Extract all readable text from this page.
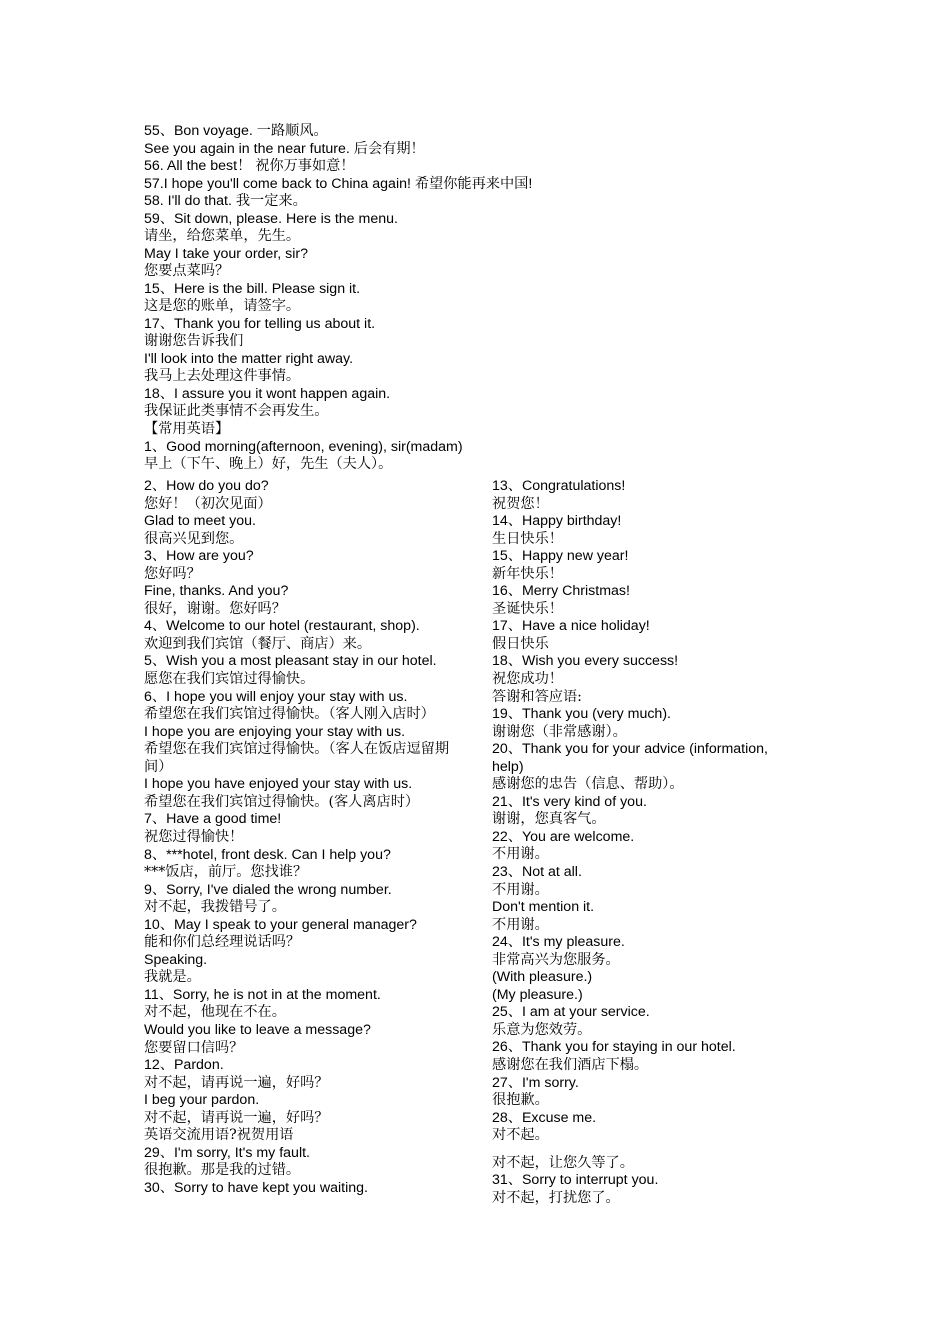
55、Bon voyage. 一路顺风。
See you again in the near future. 后会有期！
56. All the best！ 祝你万事如意！
57.I hope you'll come back to China again! 希望你能再来中国!
58. I'll do that. 我一定来。
59、Sit down, please. Here is the menu.
请坐，给您菜单，先生。
May I take your order, sir?
您要点菜吗？
15、Here is the bill. Please sign it.
这是您的账单，请签字。
17、Thank you for telling us about it.
谢谢您告诉我们
I'll look into the matter right away.
我马上去处理这件事情。
18、I assure you it wont happen again.
我保证此类事情不会再发生。
【常用英语】
1、Good morning(afternoon, evening), sir(madam)
早上（下午、晚上）好，先生（夫人）。
2、How do you do?
您好！（初次见面）
Glad to meet you.
很高兴见到您。
3、How are you?
您好吗？
Fine, thanks. And you?
很好，谢谢。您好吗？
4、Welcome to our hotel (restaurant, shop).
欢迎到我们宾馆（餐厅、商店）来。
5、Wish you a most pleasant stay in our hotel.
愿您在我们宾馆过得愉快。
6、I hope you will enjoy your stay with us.
希望您在我们宾馆过得愉快。（客人刚入店时）
I hope you are enjoying your stay with us.
希望您在我们宾馆过得愉快。（客人在饭店逗留期间）
I hope you have enjoyed your stay with us.
希望您在我们宾馆过得愉快。(客人离店时）
7、Have a good time!
祝您过得愉快！
8、***hotel, front desk. Can I help you?
***饭店，前厅。您找谁？
9、Sorry, I've dialed the wrong number.
对不起，我拨错号了。
10、May I speak to your general manager?
能和你们总经理说话吗？
Speaking.
我就是。
11、Sorry, he is not in at the moment.
对不起，他现在不在。
Would you like to leave a message?
您要留口信吗？
12、Pardon.
对不起，请再说一遍，好吗？
I beg your pardon.
对不起，请再说一遍，好吗？
英语交流用语?祝贺用语
29、I'm sorry, It's my fault.
很抱歉。那是我的过错。
30、Sorry to have kept you waiting.
13、Congratulations!
祝贺您！
14、Happy birthday!
生日快乐！
15、Happy new year!
新年快乐！
16、Merry Christmas!
圣诞快乐！
17、Have a nice holiday!
假日快乐
18、Wish you every success!
祝您成功！
答谢和答应语:
19、Thank you (very much).
谢谢您（非常感谢）。
20、Thank you for your advice (information, help)
感谢您的忠告（信息、帮助）。
21、It's very kind of you.
谢谢，您真客气。
22、You are welcome.
不用谢。
23、Not at all.
不用谢。
Don't mention it.
不用谢。
24、It's my pleasure.
非常高兴为您服务。
(With pleasure.)
(My pleasure.)
25、I am at your service.
乐意为您效劳。
26、Thank you for staying in our hotel.
感谢您在我们酒店下榻。
27、I'm sorry.
很抱歉。
28、Excuse me.
对不起。
对不起，让您久等了。
31、Sorry to interrupt you.
对不起，打扰您了。
